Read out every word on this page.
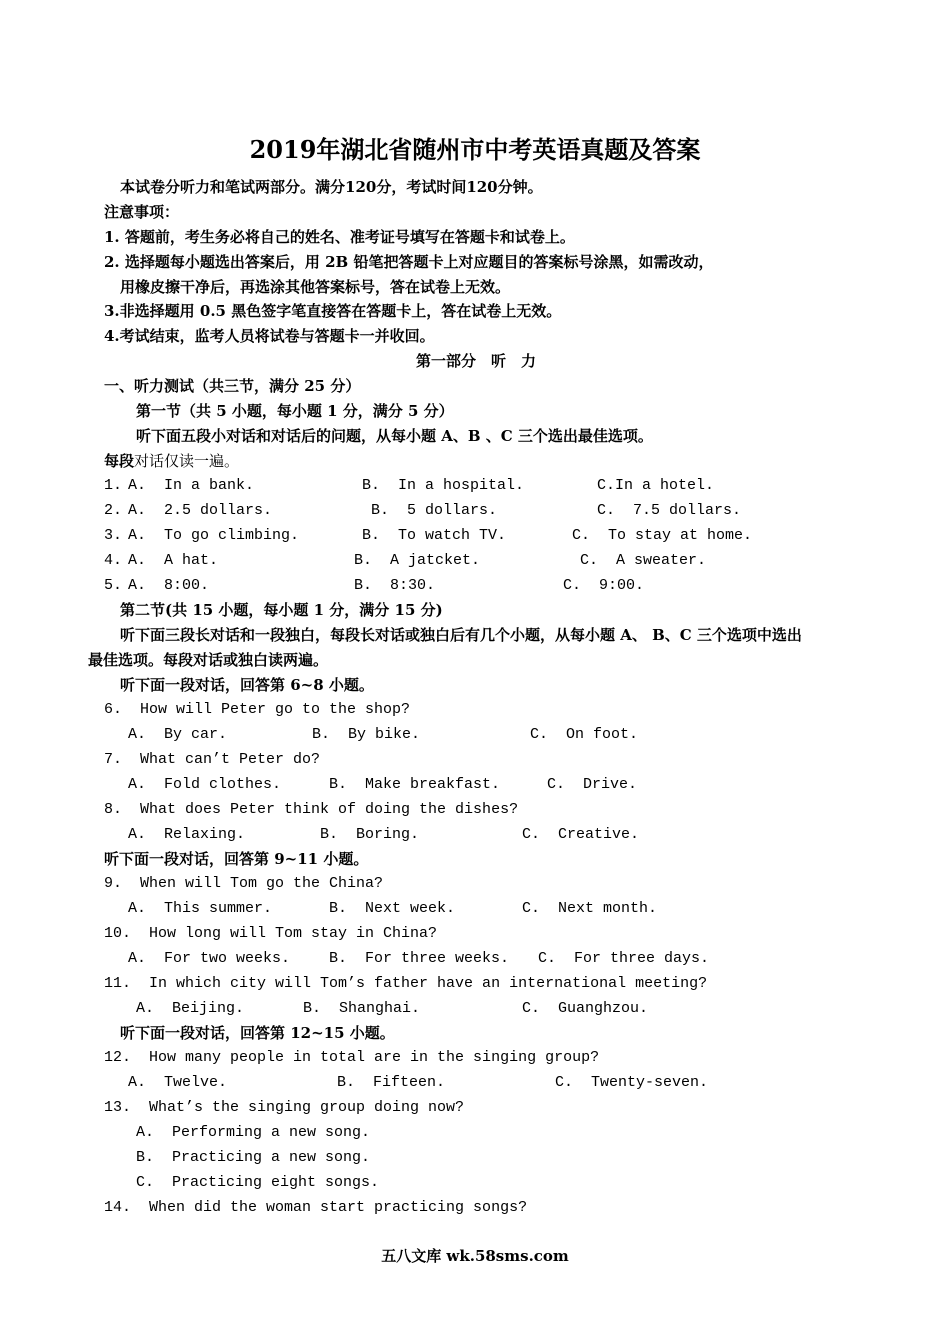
2019年湖北省随州市中考英语真题及答案
本试卷分听力和笔试两部分。满分120分，考试时间120分钟。
注意事项：
1. 答题前，考生务必将自己的姓名、准考证号填写在答题卡和试卷上。
2. 选择题每小题选出答案后，用 2B 铅笔把答题卡上对应题目的答案标号涂黑，如需改动，
用橡皮擦干净后，再选涂其他答案标号，答在试卷上无效。
3.非选择题用 0.5 黑色签字笔直接答在答题卡上，答在试卷上无效。
4.考试结束，监考人员将试卷与答题卡一并收回。
第一部分　听　力
一、听力测试（共三节，满分 25 分）
第一节（共 5 小题，每小题 1 分，满分 5 分）
听下面五段小对话和对话后的问题，从每小题 A、B 、C 三个选出最佳选项。
每段对话仅读一遍。
1. A.  In a bank.	B.  In a hospital.	C.In a hotel.
2. A.  2.5 dollars.	B.  5 dollars.	C.  7.5 dollars.
3. A.  To go climbing.	B.  To watch TV.	C.  To stay at home.
4. A.  A hat.	B.  A jatcket.	C.  A sweater.
5. A.  8:00.	B.  8:30.	C.  9:00.
第二节(共 15 小题，每小题 1 分，满分 15 分)
听下面三段长对话和一段独白，每段长对话或独白后有几个小题，从每小题 A、 B、C 三个选项中选出
最佳选项。每段对话或独白读两遍。
听下面一段对话，回答第 6~8 小题。
6.  How will Peter go to the shop?
A.  By car.	B.  By bike.	C.  On foot.
7.  What can’t Peter do?
A.  Fold clothes.	B.  Make breakfast.	C.  Drive.
8.  What does Peter think of doing the dishes?
A.  Relaxing.	B.  Boring.	C.  Creative.
听下面一段对话，回答第 9~11 小题。
9.  When will Tom go the China?
A.  This summer.	B.  Next week.	C.  Next month.
10.  How long will Tom stay in China?
A.  For two weeks.	B.  For three weeks. C.  For three days.
11.  In which city will Tom’s father have an international meeting?
A.  Beijing.	B.  Shanghai.	C.  Guanghzou.
听下面一段对话，回答第 12~15 小题。
12.  How many people in total are in the singing group?
A.  Twelve.	B.  Fifteen.	C.  Twenty-seven.
13.  What’s the singing group doing now?
A.  Performing a new song.
B.  Practicing a new song.
C.  Practicing eight songs.
14.  When did the woman start practicing songs?
五八文库 wk.58sms.com
